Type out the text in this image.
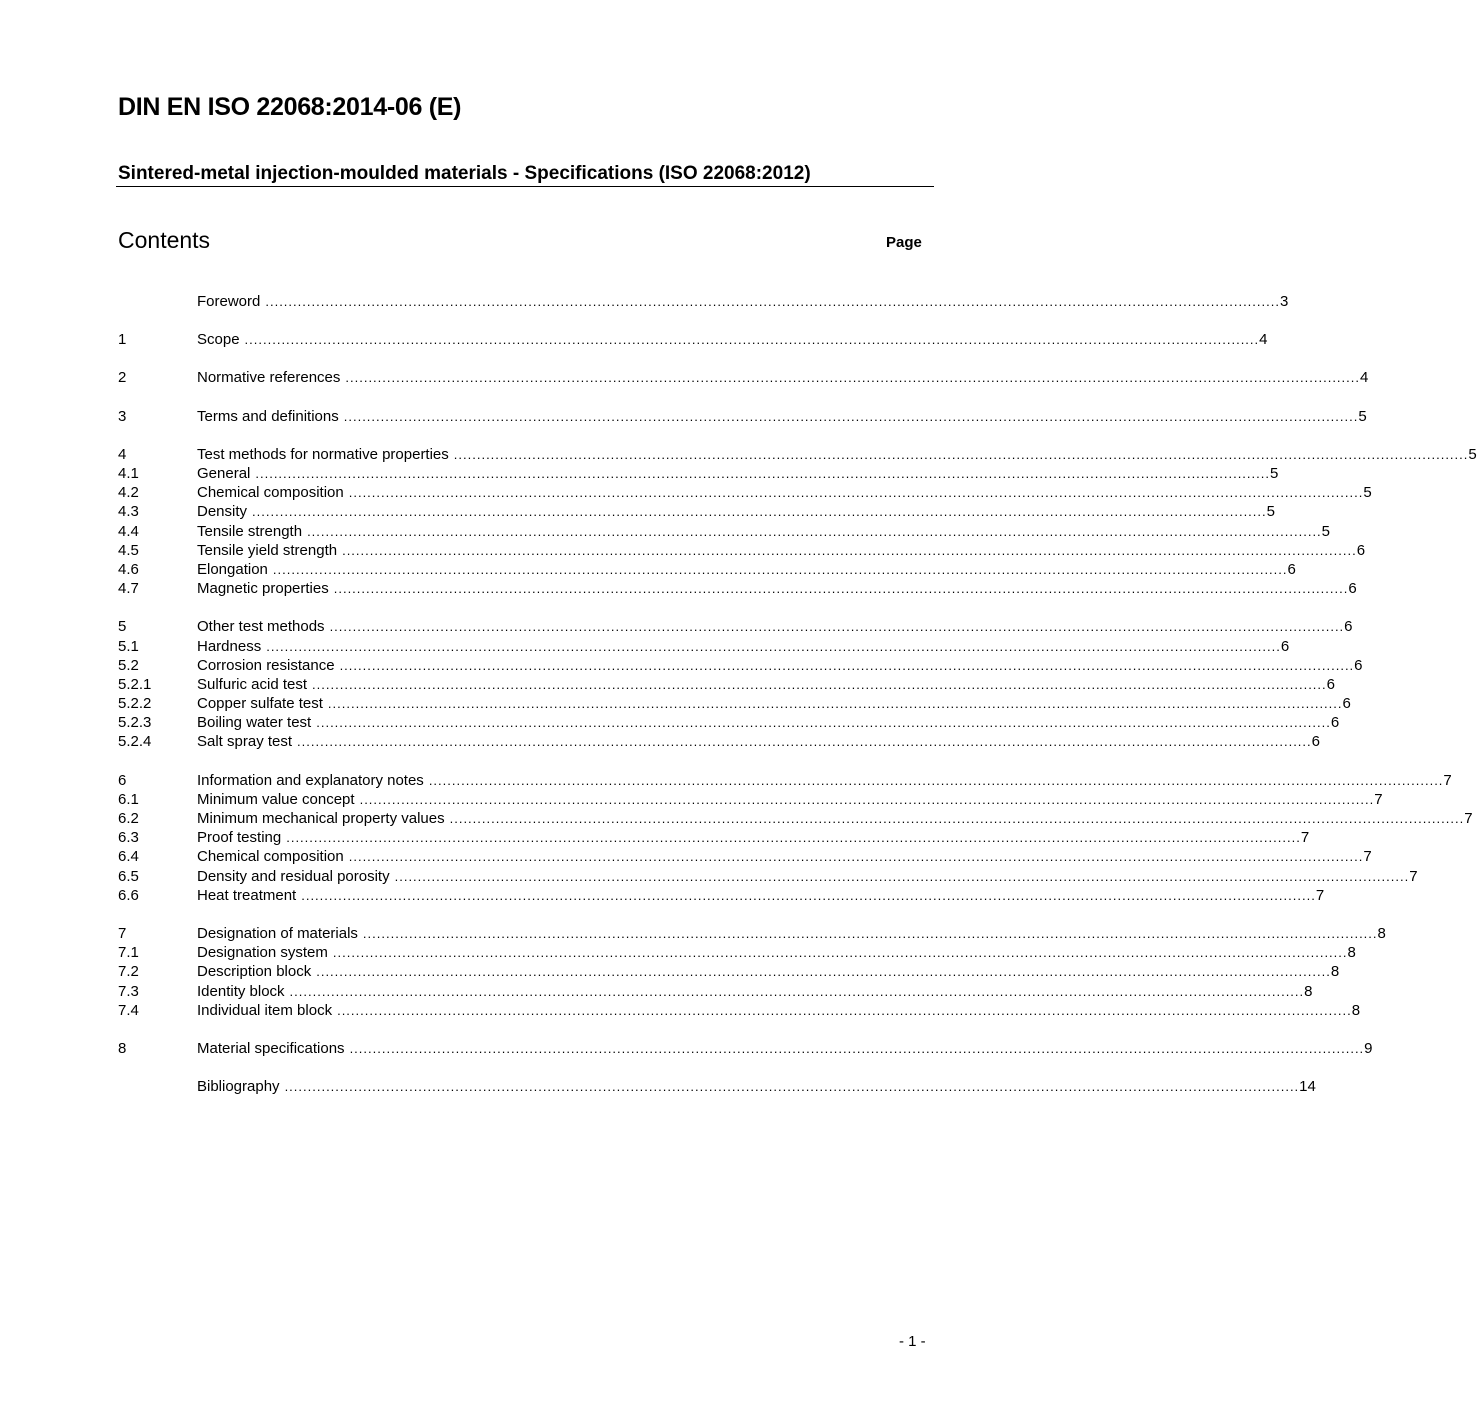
DIN EN ISO 22068:2014-06 (E)
Sintered-metal injection-moulded materials - Specifications (ISO 22068:2012)
Contents	Page
Foreword ............................................................................................................................................................................................................................ 3
1	Scope ............................................................................................................................................................................................................................ 4
2	Normative references ............................................................................................................................................................................................................................ 4
3	Terms and definitions ............................................................................................................................................................................................................................ 5
4	Test methods for normative properties ............................................................................................................................................................................................................................ 5
4.1	General ............................................................................................................................................................................................................................ 5
4.2	Chemical composition ............................................................................................................................................................................................................................ 5
4.3	Density ............................................................................................................................................................................................................................ 5
4.4	Tensile strength ............................................................................................................................................................................................................................ 5
4.5	Tensile yield strength ............................................................................................................................................................................................................................ 6
4.6	Elongation ............................................................................................................................................................................................................................ 6
4.7	Magnetic properties ............................................................................................................................................................................................................................ 6
5	Other test methods ............................................................................................................................................................................................................................ 6
5.1	Hardness ............................................................................................................................................................................................................................ 6
5.2	Corrosion resistance ............................................................................................................................................................................................................................ 6
5.2.1	Sulfuric acid test ............................................................................................................................................................................................................................ 6
5.2.2	Copper sulfate test ............................................................................................................................................................................................................................ 6
5.2.3	Boiling water test ............................................................................................................................................................................................................................ 6
5.2.4	Salt spray test ............................................................................................................................................................................................................................ 6
6	Information and explanatory notes ............................................................................................................................................................................................................................ 7
6.1	Minimum value concept ............................................................................................................................................................................................................................ 7
6.2	Minimum mechanical property values ............................................................................................................................................................................................................................ 7
6.3	Proof testing ............................................................................................................................................................................................................................ 7
6.4	Chemical composition ............................................................................................................................................................................................................................ 7
6.5	Density and residual porosity ............................................................................................................................................................................................................................ 7
6.6	Heat treatment ............................................................................................................................................................................................................................ 7
7	Designation of materials ............................................................................................................................................................................................................................ 8
7.1	Designation system ............................................................................................................................................................................................................................ 8
7.2	Description block ............................................................................................................................................................................................................................ 8
7.3	Identity block ............................................................................................................................................................................................................................ 8
7.4	Individual item block ............................................................................................................................................................................................................................ 8
8	Material specifications ............................................................................................................................................................................................................................ 9
Bibliography ............................................................................................................................................................................................................................ 14
- 1 -
